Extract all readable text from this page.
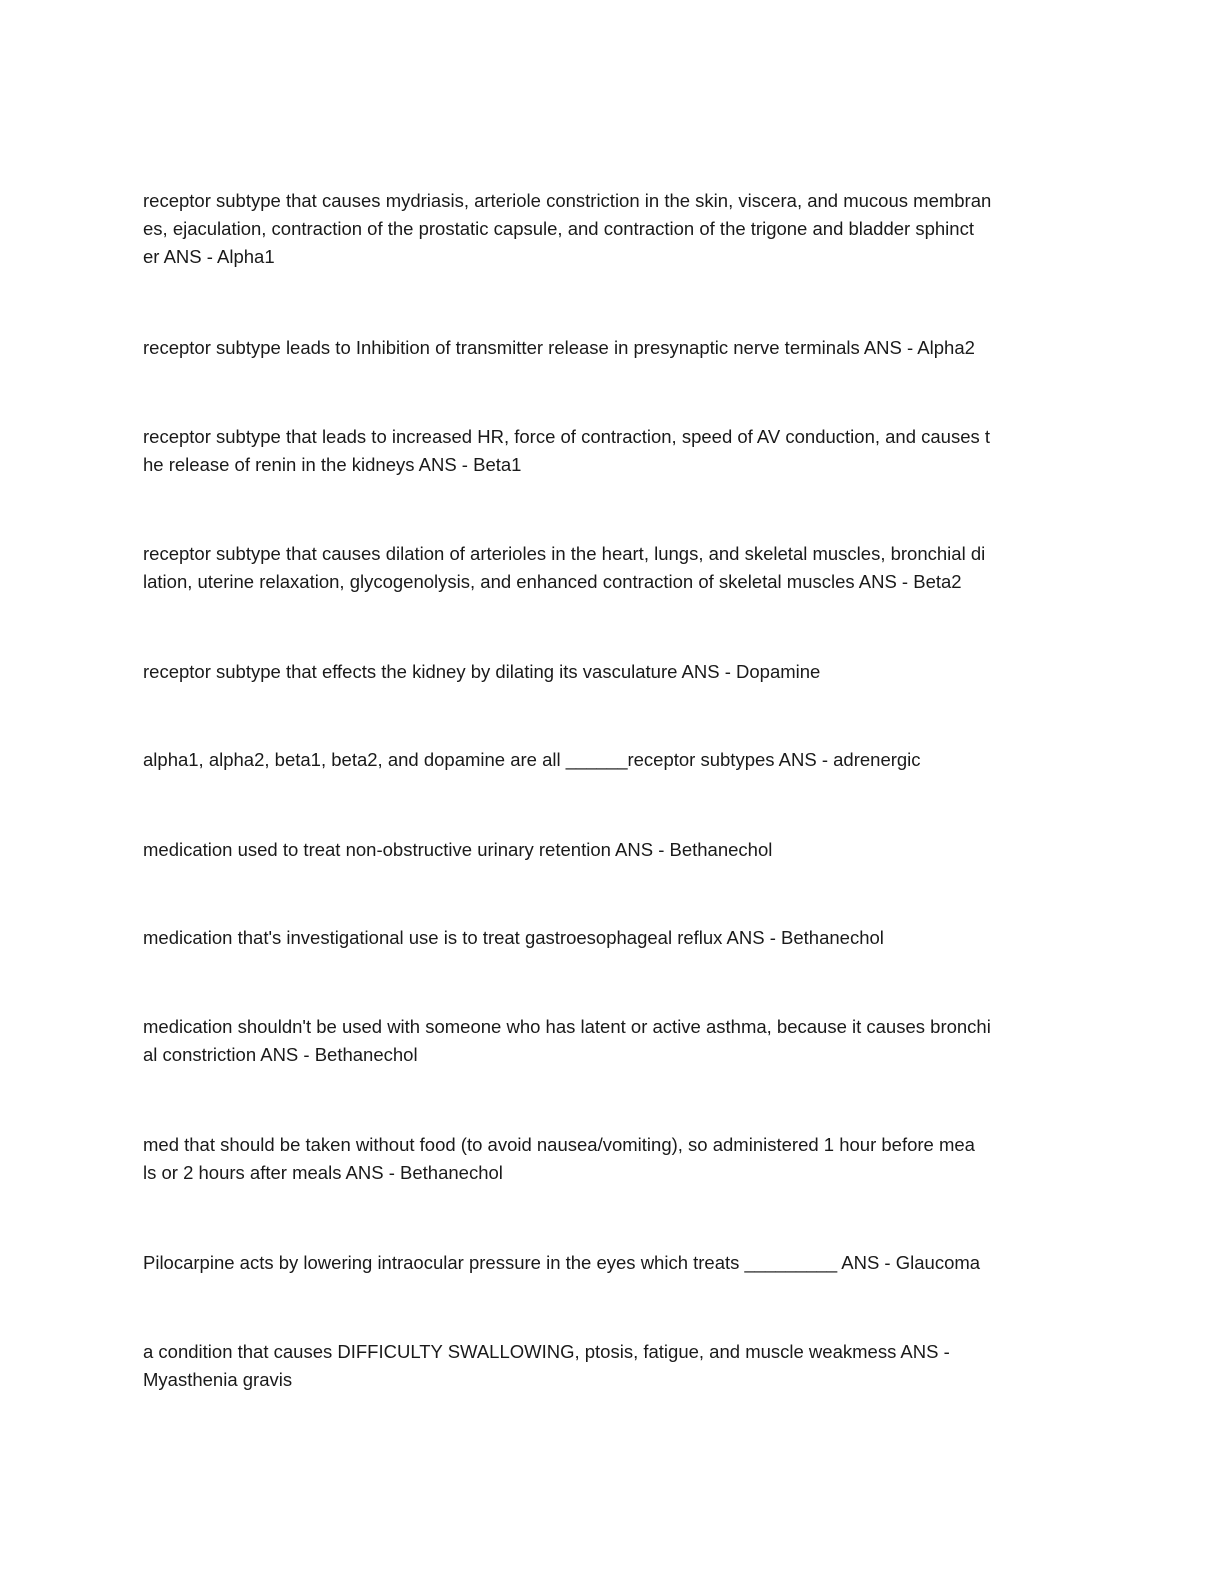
receptor subtype that causes mydriasis, arteriole constriction in the skin, viscera, and mucous membran
es, ejaculation, contraction of the prostatic capsule, and contraction of the trigone and bladder sphinct
er ANS - Alpha1

receptor subtype leads to Inhibition of transmitter release in presynaptic nerve terminals ANS - Alpha2

receptor subtype that leads to increased HR, force of contraction, speed of AV conduction, and causes t
he release of renin in the kidneys ANS - Beta1

receptor subtype that causes dilation of arterioles in the heart, lungs, and skeletal muscles, bronchial di
lation, uterine relaxation, glycogenolysis, and enhanced contraction of skeletal muscles ANS - Beta2

receptor subtype that effects the kidney by dilating its vasculature ANS - Dopamine

alpha1, alpha2, beta1, beta2, and dopamine are all ______receptor subtypes ANS - adrenergic

medication used to treat non-obstructive urinary retention ANS - Bethanechol

medication that's investigational use is to treat gastroesophageal reflux ANS - Bethanechol

medication shouldn't be used with someone who has latent or active asthma, because it causes bronchi
al constriction ANS - Bethanechol

med that should be taken without food (to avoid nausea/vomiting), so administered 1 hour before mea
ls or 2 hours after meals ANS - Bethanechol

Pilocarpine acts by lowering intraocular pressure in the eyes which treats _________ ANS - Glaucoma

a condition that causes DIFFICULTY SWALLOWING, ptosis, fatigue, and muscle weakmess ANS -
Myasthenia gravis
